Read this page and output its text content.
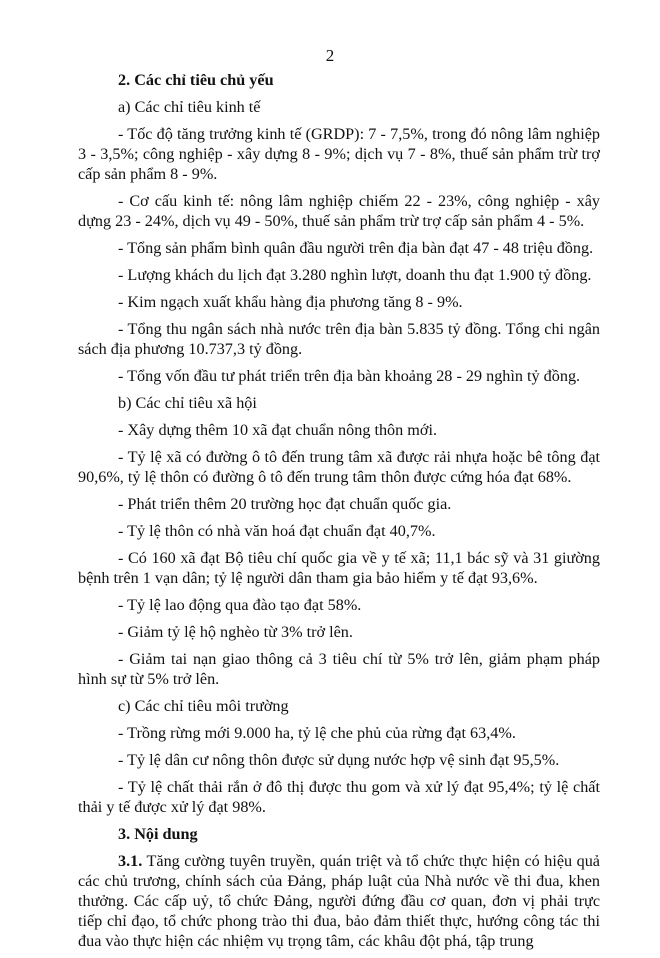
2

2. Các chỉ tiêu chủ yếu

a) Các chỉ tiêu kinh tế

- Tốc độ tăng trưởng kinh tế (GRDP): 7 - 7,5%, trong đó nông lâm nghiệp 3 - 3,5%; công nghiệp - xây dựng 8 - 9%; dịch vụ 7 - 8%, thuế sản phẩm trừ trợ cấp sản phẩm 8 - 9%.

- Cơ cấu kinh tế: nông lâm nghiệp chiếm 22 - 23%, công nghiệp - xây dựng 23 - 24%, dịch vụ 49 - 50%, thuế sản phẩm trừ trợ cấp sản phẩm 4 - 5%.

- Tổng sản phẩm bình quân đầu người trên địa bàn đạt 47 - 48 triệu đồng.

- Lượng khách du lịch đạt 3.280 nghìn lượt, doanh thu đạt 1.900 tỷ đồng.

- Kim ngạch xuất khẩu hàng địa phương tăng 8 - 9%.

- Tổng thu ngân sách nhà nước trên địa bàn 5.835 tỷ đồng. Tổng chi ngân sách địa phương 10.737,3 tỷ đồng.

- Tổng vốn đầu tư phát triển trên địa bàn khoảng 28 - 29 nghìn tỷ đồng.

b) Các chỉ tiêu xã hội

- Xây dựng thêm 10 xã đạt chuẩn nông thôn mới.

- Tỷ lệ xã có đường ô tô đến trung tâm xã được rải nhựa hoặc bê tông đạt 90,6%, tỷ lệ thôn có đường ô tô đến trung tâm thôn được cứng hóa đạt 68%.

- Phát triển thêm 20 trường học đạt chuẩn quốc gia.

- Tỷ lệ thôn có nhà văn hoá đạt chuẩn đạt 40,7%.

- Có 160 xã đạt Bộ tiêu chí quốc gia về y tế xã; 11,1 bác sỹ và 31 giường bệnh trên 1 vạn dân; tỷ lệ người dân tham gia bảo hiểm y tế đạt 93,6%.

- Tỷ lệ lao động qua đào tạo đạt 58%.

- Giảm tỷ lệ hộ nghèo từ 3% trở lên.

- Giảm tai nạn giao thông cả 3 tiêu chí từ 5% trở lên, giảm phạm pháp hình sự từ 5% trở lên.

c) Các chỉ tiêu môi trường

- Trồng rừng mới 9.000 ha, tỷ lệ che phủ của rừng đạt 63,4%.

- Tỷ lệ dân cư nông thôn được sử dụng nước hợp vệ sinh đạt 95,5%.

- Tỷ lệ chất thải rắn ở đô thị được thu gom và xử lý đạt 95,4%; tỷ lệ chất thải y tế được xử lý đạt 98%.

3. Nội dung

3.1. Tăng cường tuyên truyền, quán triệt và tổ chức thực hiện có hiệu quả các chủ trương, chính sách của Đảng, pháp luật của Nhà nước về thi đua, khen thưởng. Các cấp uỷ, tổ chức Đảng, người đứng đầu cơ quan, đơn vị phải trực tiếp chỉ đạo, tổ chức phong trào thi đua, bảo đảm thiết thực, hướng công tác thi đua vào thực hiện các nhiệm vụ trọng tâm, các khâu đột phá, tập trung
